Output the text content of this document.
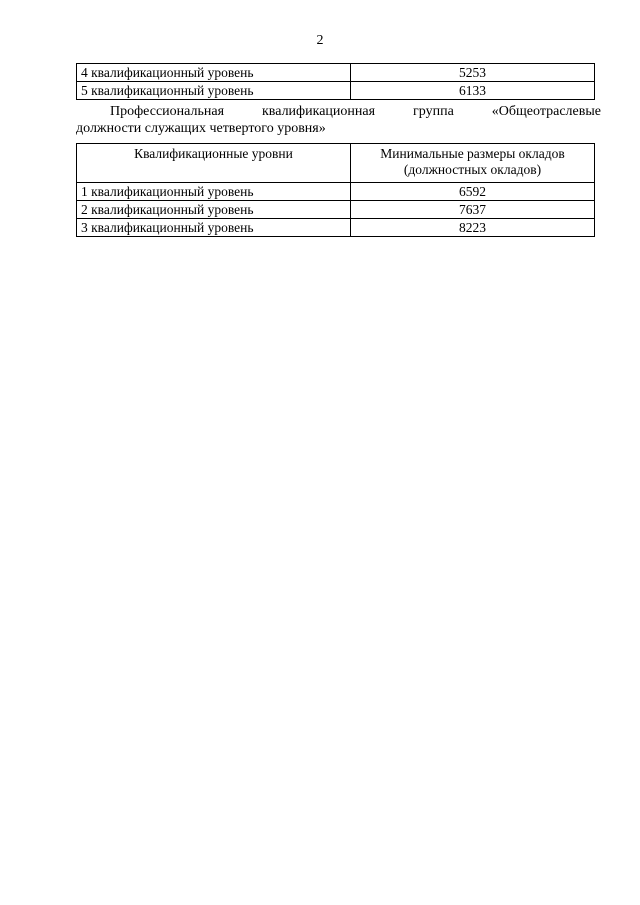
2
4 квалификационный уровень	5253
5 квалификационный уровень	6133
Профессиональная	квалификационная	группа	«Общеотраслевые
должности служащих четвертого уровня»
Квалификационные уровни	Минимальные размеры окладов
(должностных окладов)
1 квалификационный уровень	6592
2 квалификационный уровень	7637
3 квалификационный уровень	8223
